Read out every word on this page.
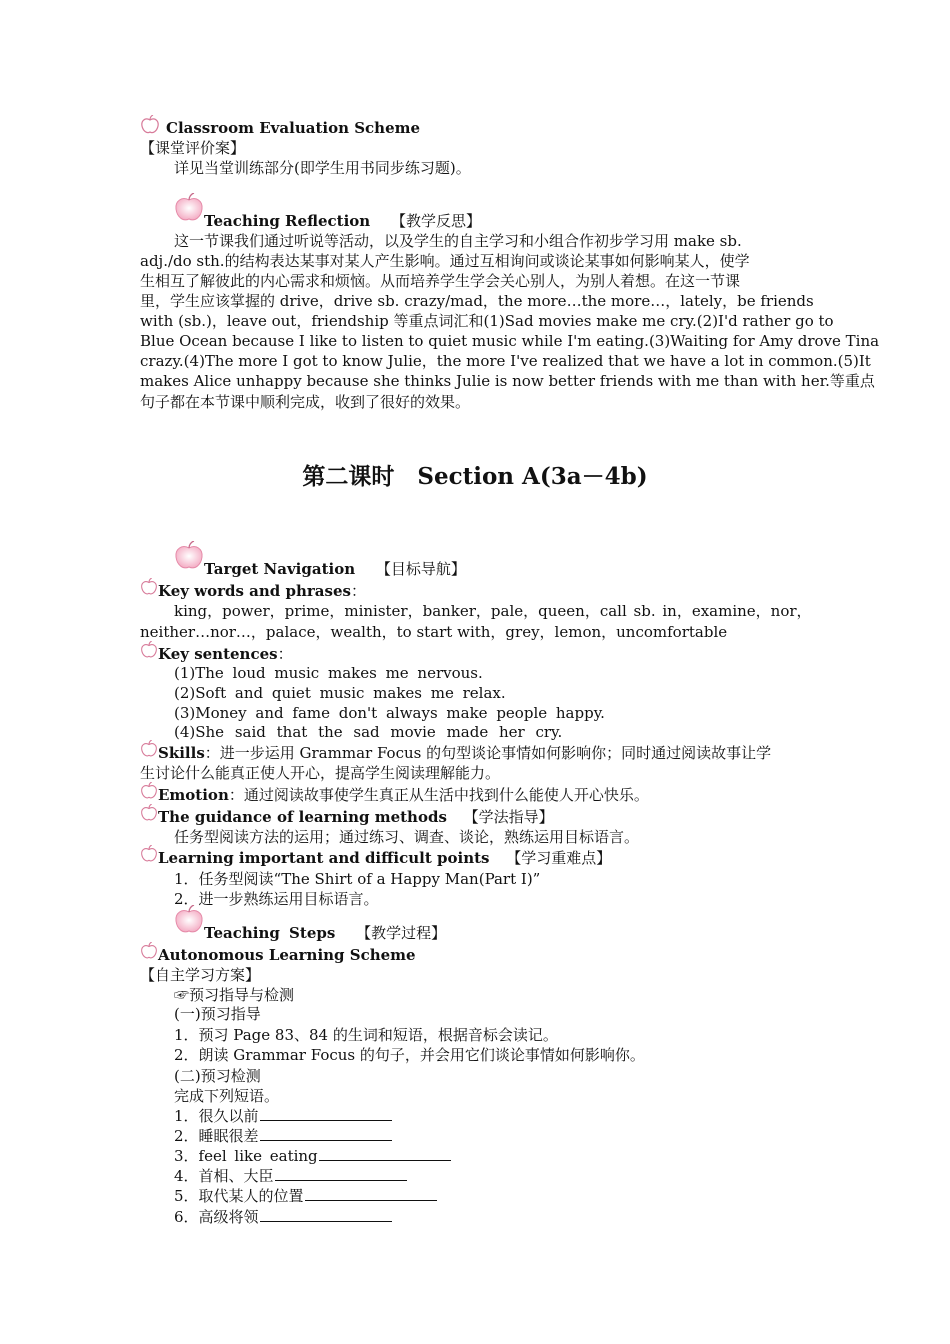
Classroom Evaluation Scheme
【课堂评价案】
详见当堂训练部分(即学生用书同步练习题)。
Teaching Reflection 【教学反思】
这一节课我们通过听说等活动，以及学生的自主学习和小组合作初步学习用 make sb.
adj./do sth.的结构表达某事对某人产生影响。通过互相询问或谈论某事如何影响某人，使学
生相互了解彼此的内心需求和烦恼。从而培养学生学会关心别人，为别人着想。在这一节课
里，学生应该掌握的 drive，drive sb. crazy/mad，the more…the more…，lately，be friends
with (sb.)，leave out，friendship 等重点词汇和(1)Sad movies make me cry.(2)I'd rather go to
Blue Ocean because I like to listen to quiet music while I'm eating.(3)Waiting for Amy drove Tina
crazy.(4)The more I got to know Julie，the more I've realized that we have a lot in common.(5)It
makes Alice unhappy because she thinks Julie is now better friends with me than with her.等重点
句子都在本节课中顺利完成，收到了很好的效果。
第二课时　Section A(3a－4b)
Target Navigation 【目标导航】
Key words and phrases：
king，power，prime，minister，banker，pale，queen，call sb. in，examine，nor，
neither…nor…，palace，wealth，to start with，grey，lemon，uncomfortable
Key sentences：
(1)The loud music makes me nervous.
(2)Soft and quiet music makes me relax.
(3)Money and fame don't always make people happy.
(4)She said that the sad movie made her cry.
Skills：进一步运用 Grammar Focus 的句型谈论事情如何影响你；同时通过阅读故事让学
生讨论什么能真正使人开心，提高学生阅读理解能力。
Emotion：通过阅读故事使学生真正从生活中找到什么能使人开心快乐。
The guidance of learning methods 【学法指导】
任务型阅读方法的运用；通过练习、调查、谈论，熟练运用目标语言。
Learning important and difficult points 【学习重难点】
1．任务型阅读“The Shirt of a Happy Man(Part I)”
2．进一步熟练运用目标语言。
Teaching Steps 【教学过程】
Autonomous Learning Scheme
【自主学习方案】
☞预习指导与检测
(一)预习指导
1．预习 Page 83、84 的生词和短语，根据音标会读记。
2．朗读 Grammar Focus 的句子，并会用它们谈论事情如何影响你。
(二)预习检测
完成下列短语。
1．很久以前
2．睡眠很差
3．feel like eating
4．首相、大臣
5．取代某人的位置
6．高级将领
